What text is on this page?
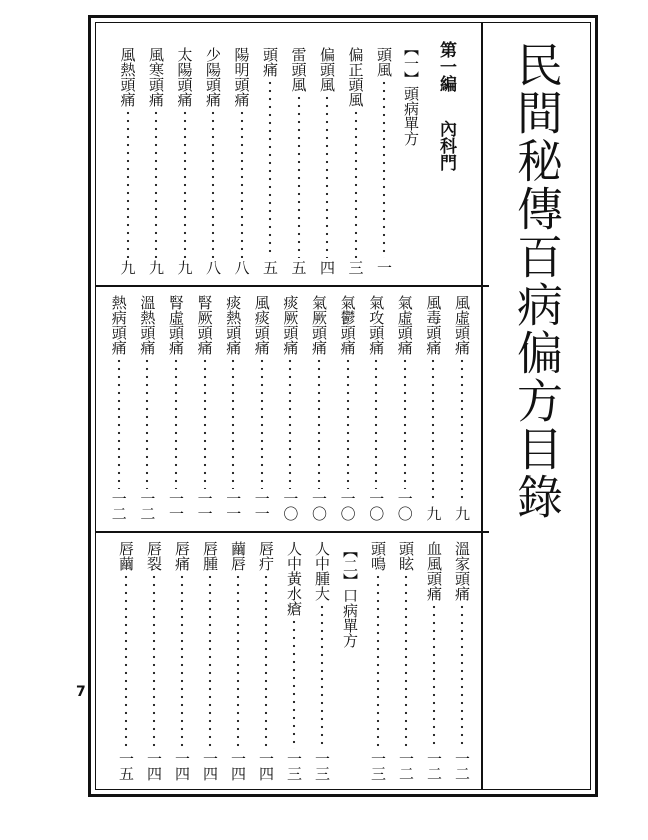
民間秘傳百病偏方目錄
第一編  內科門
【一】頭病單方
頭風
一
偏正頭風
三
偏頭風
四
雷頭風
五
頭痛
五
陽明頭痛
八
少陽頭痛
八
太陽頭痛
九
風寒頭痛
九
風熱頭痛
九
風虛頭痛
九
風毒頭痛
九
氣虛頭痛
一〇
氣攻頭痛
一〇
氣鬱頭痛
一〇
氣厥頭痛
一〇
痰厥頭痛
一〇
風痰頭痛
一一
痰熱頭痛
一一
腎厥頭痛
一一
腎虛頭痛
一一
溫熱頭痛
一二
熱病頭痛
一二
溫家頭痛
一二
血風頭痛
一二
頭眩
一二
頭鳴
一三
【二】口病單方
人中腫大
一三
人中黃水瘡
一三
唇疔
一四
繭唇
一四
唇腫
一四
唇痛
一四
唇裂
一四
唇繭
一五
7
